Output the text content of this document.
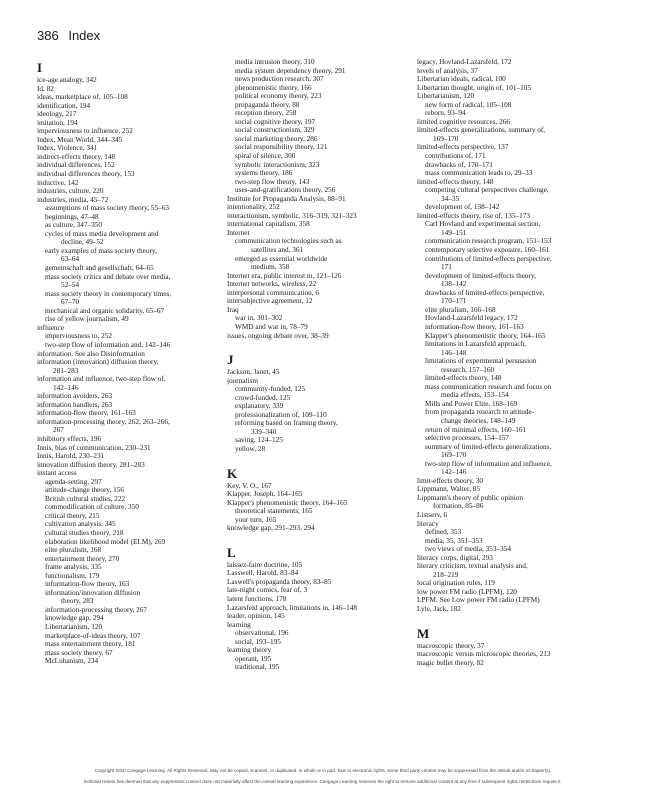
386 Index
I
ice-age analogy, 342
Id, 82
ideas, marketplace of, 105–108
identification, 194
ideology, 217
imitation, 194
imperviousness to influence, 252
Index, Mean World, 344–345
Index, Violence, 341
indirect-effects theory, 148
individual differences, 152
individual differences theory, 153
inductive, 142
industries, culture, 220
industries, media, 45–72
assumptions of mass society theory, 55–63
beginnings, 47–48
as culture, 347–350
cycles of mass media development and
decline, 49–52
early examples of mass society theory,
63–64
gemeinschaft and gesellschaft, 64–65
mass society critics and debate over media,
52–54
mass society theory in contemporary times,
67–70
mechanical and organic solidarity, 65–67
rise of yellow journalism, 49
influence
imperviousness to, 252
two-step flow of information and, 142–146
information. See also Disinformation
information (innovation) diffusion theory,
281–283
information and influence, two-step flow of,
142–146
information avoiders, 263
information handlers, 263
information-flow theory, 161–163
information-processing theory, 262, 263–266,
267
inhibitory effects, 196
Innis, bias of communication, 230–231
Innis, Harold, 230–231
innovation diffusion theory, 281–283
instant access
agenda-setting, 297
attitude-change theory, 156
British cultural studies, 222
commodification of culture, 350
critical theory, 215
cultivation analysis, 345
cultural studies theory, 218
elaboration likelihood model (ELM), 269
elite pluralism, 168
entertainment theory, 270
frame analysis, 335
functionalism, 179
information-flow theory, 163
information/innovation diffusion
theory, 283
information-processing theory, 267
knowledge gap, 294
Libertarianism, 120
marketplace-of-ideas theory, 107
mass entertainment theory, 181
mass society theory, 67
McLuhanism, 234
media intrusion theory, 310
media system dependency theory, 291
news production research, 307
phenomenistic theory, 166
political economy theory, 223
propaganda theory, 88
reception theory, 258
social cognitive theory, 197
social constructionism, 329
social marketing theory, 286
social responsibility theory, 121
spiral of silence, 300
symbolic interactionism, 323
systems theory, 186
two-step flow theory, 143
uses-and-gratifications theory, 256
Institute for Propaganda Analysis, 88–91
intentionality, 252
interactionism, symbolic, 316–319, 321–323
international capitalism, 358
Internet
communication technologies such as
satellites and, 361
emerged as essential worldwide
medium, 358
Internet era, public interest in, 121–126
Internet networks, wireless, 22
interpersonal communication, 6
intersubjective agreement, 12
Iraq
war in, 301–302
WMD and war in, 78–79
issues, ongoing debate over, 38–39
J
Jackson, Janet, 45
journalism
community-funded, 125
crowd-funded, 125
explanatory, 339
professionalization of, 109–110
reforming based on framing theory,
339–340
saving, 124–125
yellow, 28
K
Key, V. O., 167
Klapper, Joseph, 164–165
Klapper's phenomenistic theory, 164–165
theoretical statements, 165
your turn, 165
knowledge gap, 291–293, 294
L
laissez-faire doctrine, 105
Lasswell, Harold, 83–84
Laswell's propaganda theory, 83–85
late-night comics, fear of, 3
latent functions, 178
Lazarsfeld approach, limitations in, 146–148
leader, opinion, 145
learning
observational, 196
social, 193–195
learning theory
operant, 195
traditional, 195
legacy, Hovland-Lazarsfeld, 172
levels of analysis, 37
Libertarian ideals, radical, 100
Libertarian thought, origin of, 101–105
Libertarianism, 120
new form of radical, 105–108
reborn, 93–94
limited cognitive resources, 266
limited-effects generalizations, summary of,
169–170
limited-effects perspective, 137
contributions of, 171
drawbacks of, 170–171
mass communication leads to, 29–33
limited-effects theory, 148
competing cultural perspectives challenge,
34–35
development of, 138–142
limited-effects theory, rise of, 135–173
Carl Hovland and experimental section,
149–151
communication research program, 151–153
contemporary selective exposure, 160–161
contributions of limited-effects perspective,
171
development of limited-effects theory,
138–142
drawbacks of limited-effects perspective,
170–171
elite pluralism, 166–168
Hovland-Lazarsfeld legacy, 172
information-flow theory, 161–163
Klapper's phenomenistic theory, 164–165
limitations in Lazarsfeld approach,
146–148
limitations of experimental persuasion
research, 157–160
limited-effects theory, 148
mass communication research and focus on
media effects, 153–154
Mills and Power Elite, 168–169
from propaganda research to attitude-
change theories, 148–149
return of minimal effects, 160–161
selective processes, 154–157
summary of limited-effects generalizations,
169–170
two-step flow of information and influence,
142–146
limit-effects theory, 30
Lippmann, Walter, 85
Lippmann's theory of public opinion
formation, 85–86
Listserv, 6
literacy
defined, 353
media, 35, 351–353
two views of media, 353–354
literacy corps, digital, 293
literary criticism, textual analysis and,
218–219
local origination rules, 119
low power FM radio (LPFM), 120
LPFM. See Low power FM radio (LPFM)
Lyle, Jack, 182
M
macroscopic theory, 37
macroscopic versus microscopic theories, 213
magic bullet theory, 82
Copyright 2010 Cengage Learning. All Rights Reserved. May not be copied, scanned, or duplicated, in whole or in part. Due to electronic rights, some third party content may be suppressed from the eBook and/or eChapter(s).
Editorial review has deemed that any suppressed content does not materially affect the overall learning experience. Cengage Learning reserves the right to remove additional content at any time if subsequent rights restrictions require it.
